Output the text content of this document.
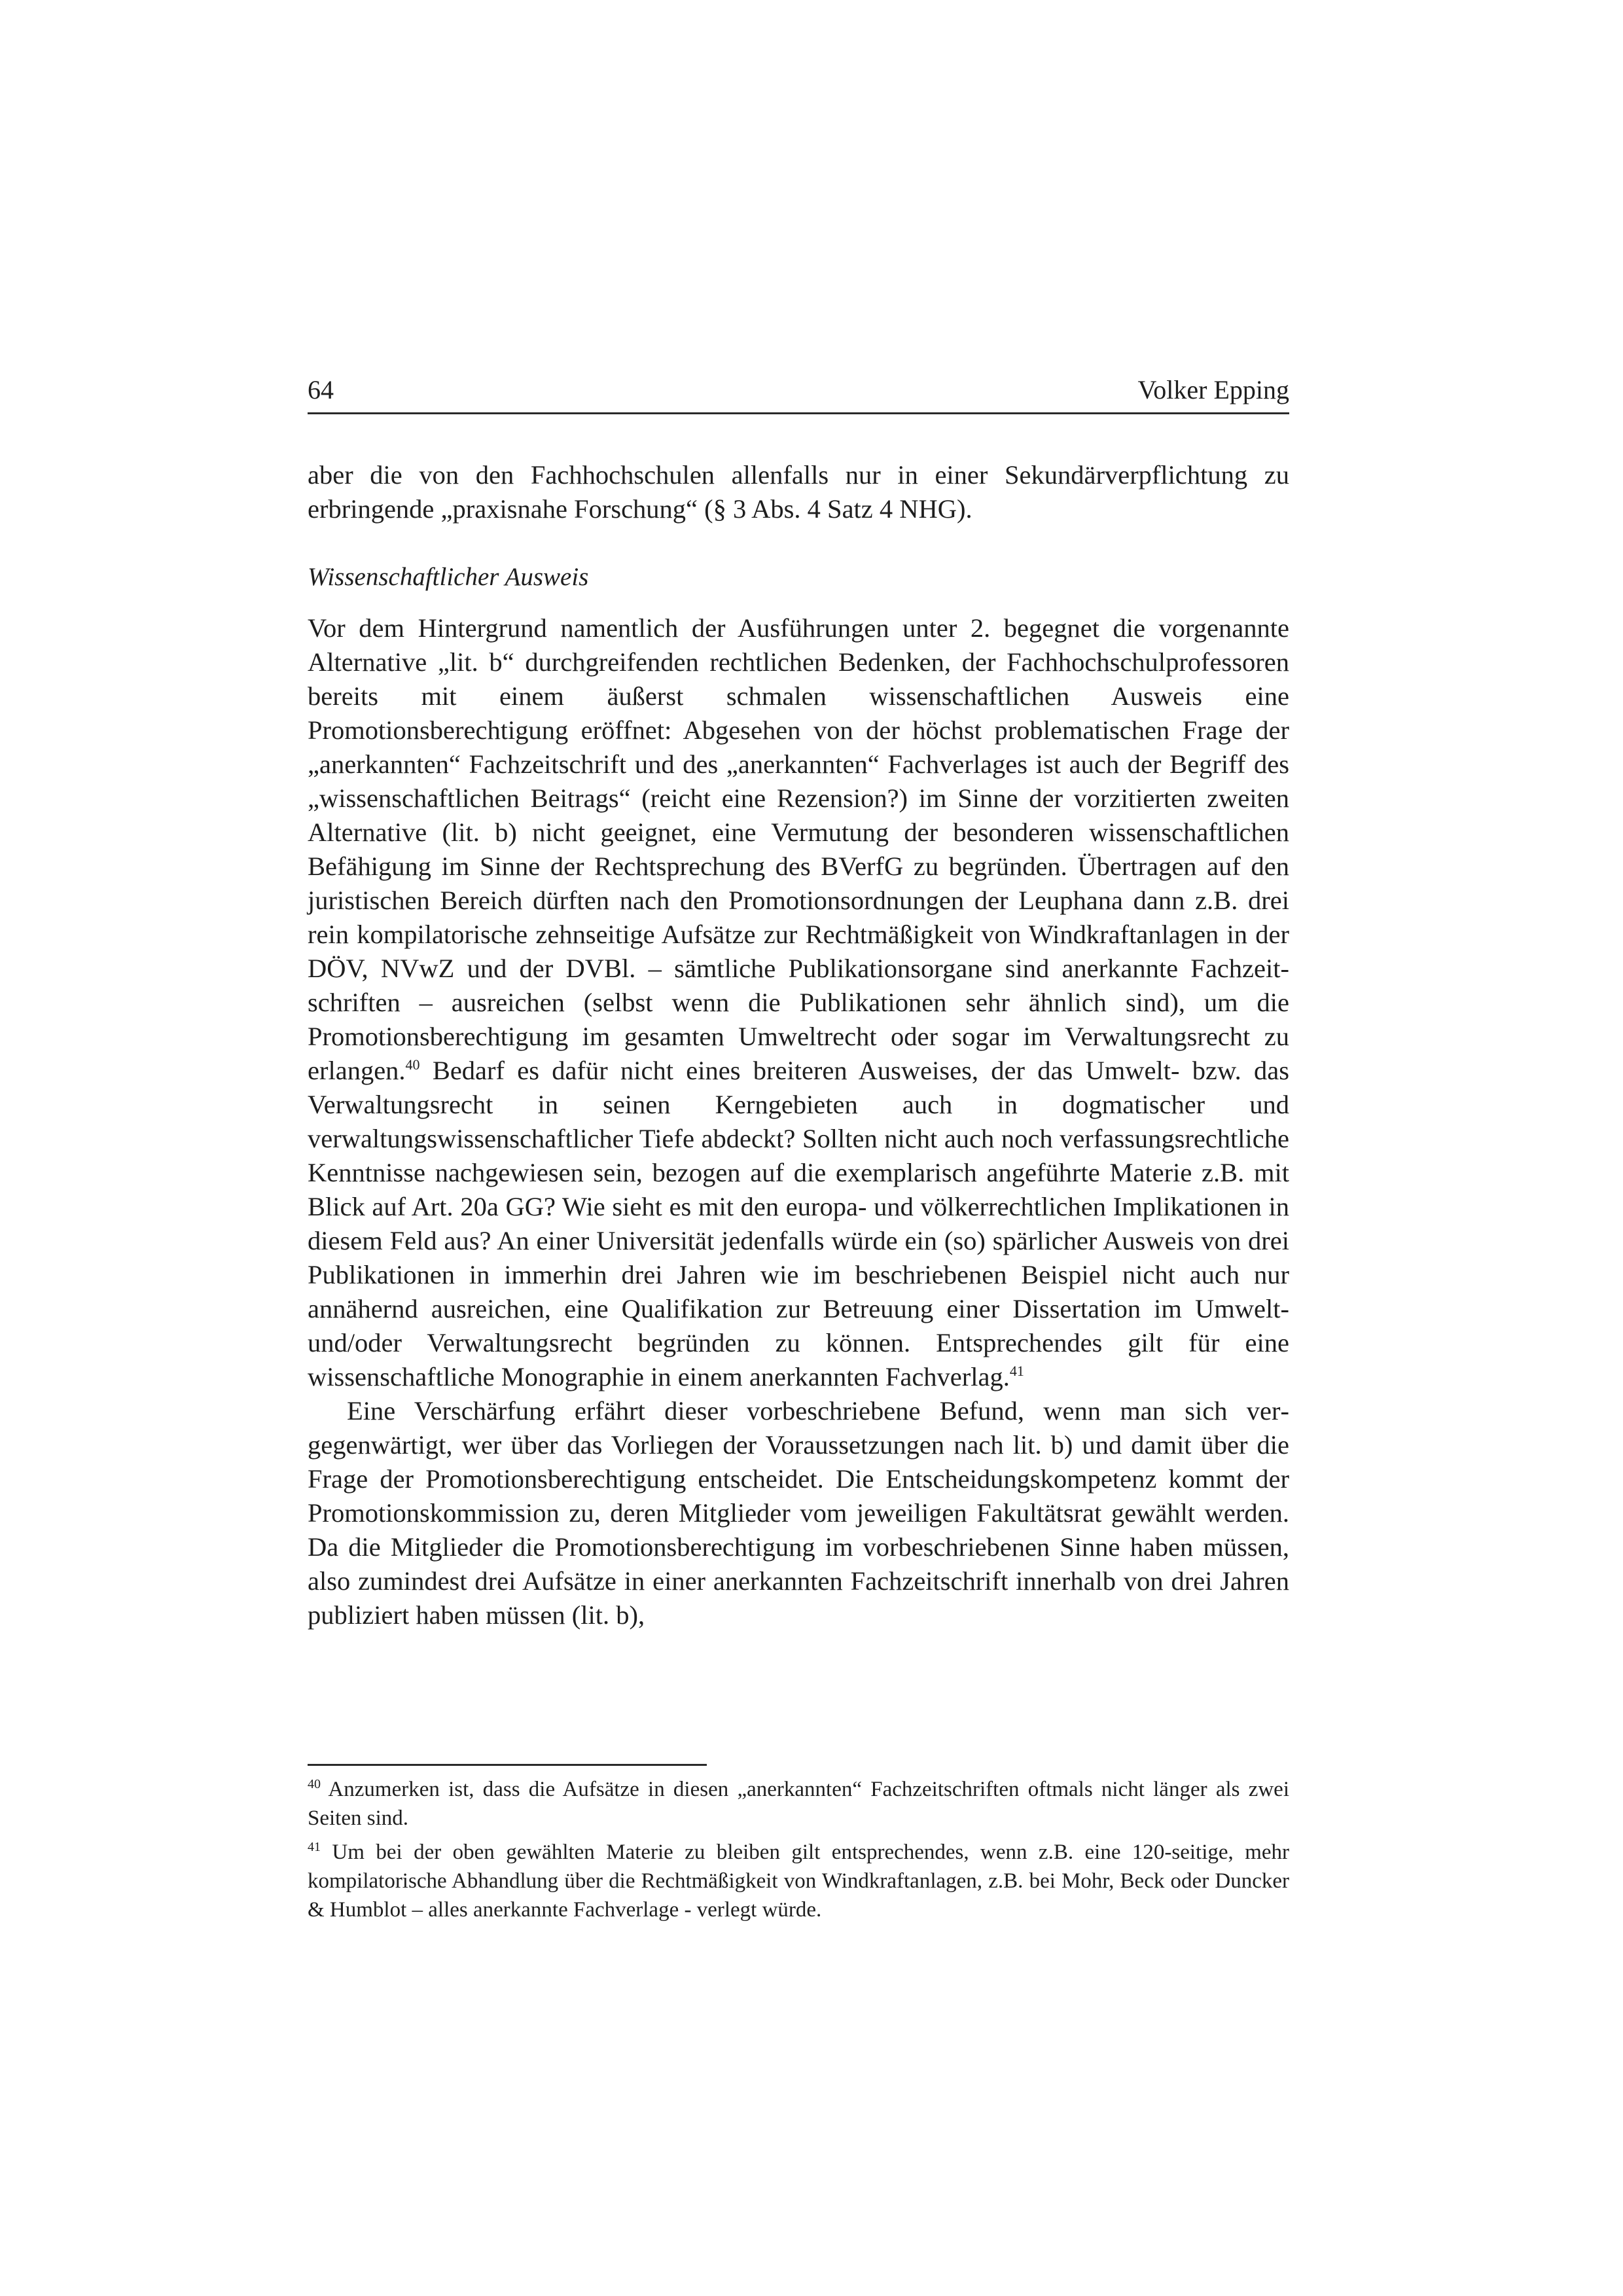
64	Volker Epping

aber die von den Fachhochschulen allenfalls nur in einer Sekundärverpflichtung zu erbringende „praxisnahe Forschung“ (§ 3 Abs. 4 Satz 4 NHG).

Wissenschaftlicher Ausweis

Vor dem Hintergrund namentlich der Ausführungen unter 2. begegnet die vorgenannte Alternative „lit. b“ durchgreifenden rechtlichen Bedenken, der Fachhochschulprofessoren bereits mit einem äußerst schmalen wissenschaftlichen Ausweis eine Promotionsberechtigung eröffnet: Abgesehen von der höchst problematischen Frage der „anerkannten“ Fachzeitschrift und des „anerkannten“ Fachverlages ist auch der Begriff des „wissenschaftlichen Beitrags“ (reicht eine Rezension?) im Sinne der vorzitierten zweiten Alternative (lit. b) nicht geeignet, eine Vermutung der besonderen wissenschaftlichen Befähigung im Sinne der Rechtsprechung des BVerfG zu begründen. Übertragen auf den juristischen Bereich dürften nach den Promotionsordnungen der Leuphana dann z.B. drei rein kompilatorische zehnseitige Aufsätze zur Rechtmäßigkeit von Windkraftanlagen in der DÖV, NVwZ und der DVBl. – sämtliche Publikationsorgane sind anerkannte Fachzeitschriften – ausreichen (selbst wenn die Publikationen sehr ähnlich sind), um die Promotionsberechtigung im gesamten Umweltrecht oder sogar im Verwaltungsrecht zu erlangen.$^{40}$ Bedarf es dafür nicht eines breiteren Ausweises, der das Umwelt- bzw. das Verwaltungsrecht in seinen Kerngebieten auch in dogmatischer und verwaltungswissenschaftlicher Tiefe abdeckt? Sollten nicht auch noch verfassungsrechtliche Kenntnisse nachgewiesen sein, bezogen auf die exemplarisch angeführte Materie z.B. mit Blick auf Art. 20a GG? Wie sieht es mit den europa- und völkerrechtlichen Implikationen in diesem Feld aus? An einer Universität jedenfalls würde ein (so) spärlicher Ausweis von drei Publikationen in immerhin drei Jahren wie im beschriebenen Beispiel nicht auch nur annähernd ausreichen, eine Qualifikation zur Betreuung einer Dissertation im Umwelt- und/oder Verwaltungsrecht begründen zu können. Entsprechendes gilt für eine wissenschaftliche Monographie in einem anerkannten Fachverlag.$^{41}$

Eine Verschärfung erfährt dieser vorbeschriebene Befund, wenn man sich vergegenwärtigt, wer über das Vorliegen der Voraussetzungen nach lit. b) und damit über die Frage der Promotionsberechtigung entscheidet. Die Entscheidungskompetenz kommt der Promotionskommission zu, deren Mitglieder vom jeweiligen Fakultätsrat gewählt werden. Da die Mitglieder die Promotionsberechtigung im vorbeschriebenen Sinne haben müssen, also zumindest drei Aufsätze in einer anerkannten Fachzeitschrift innerhalb von drei Jahren publiziert haben müssen (lit. b),

$^{40}$ Anzumerken ist, dass die Aufsätze in diesen „anerkannten“ Fachzeitschriften oftmals nicht länger als zwei Seiten sind.

$^{41}$ Um bei der oben gewählten Materie zu bleiben gilt entsprechendes, wenn z.B. eine 120-seitige, mehr kompilatorische Abhandlung über die Rechtmäßigkeit von Windkraftanlagen, z.B. bei Mohr, Beck oder Duncker & Humblot – alles anerkannte Fachverlage - verlegt würde.
